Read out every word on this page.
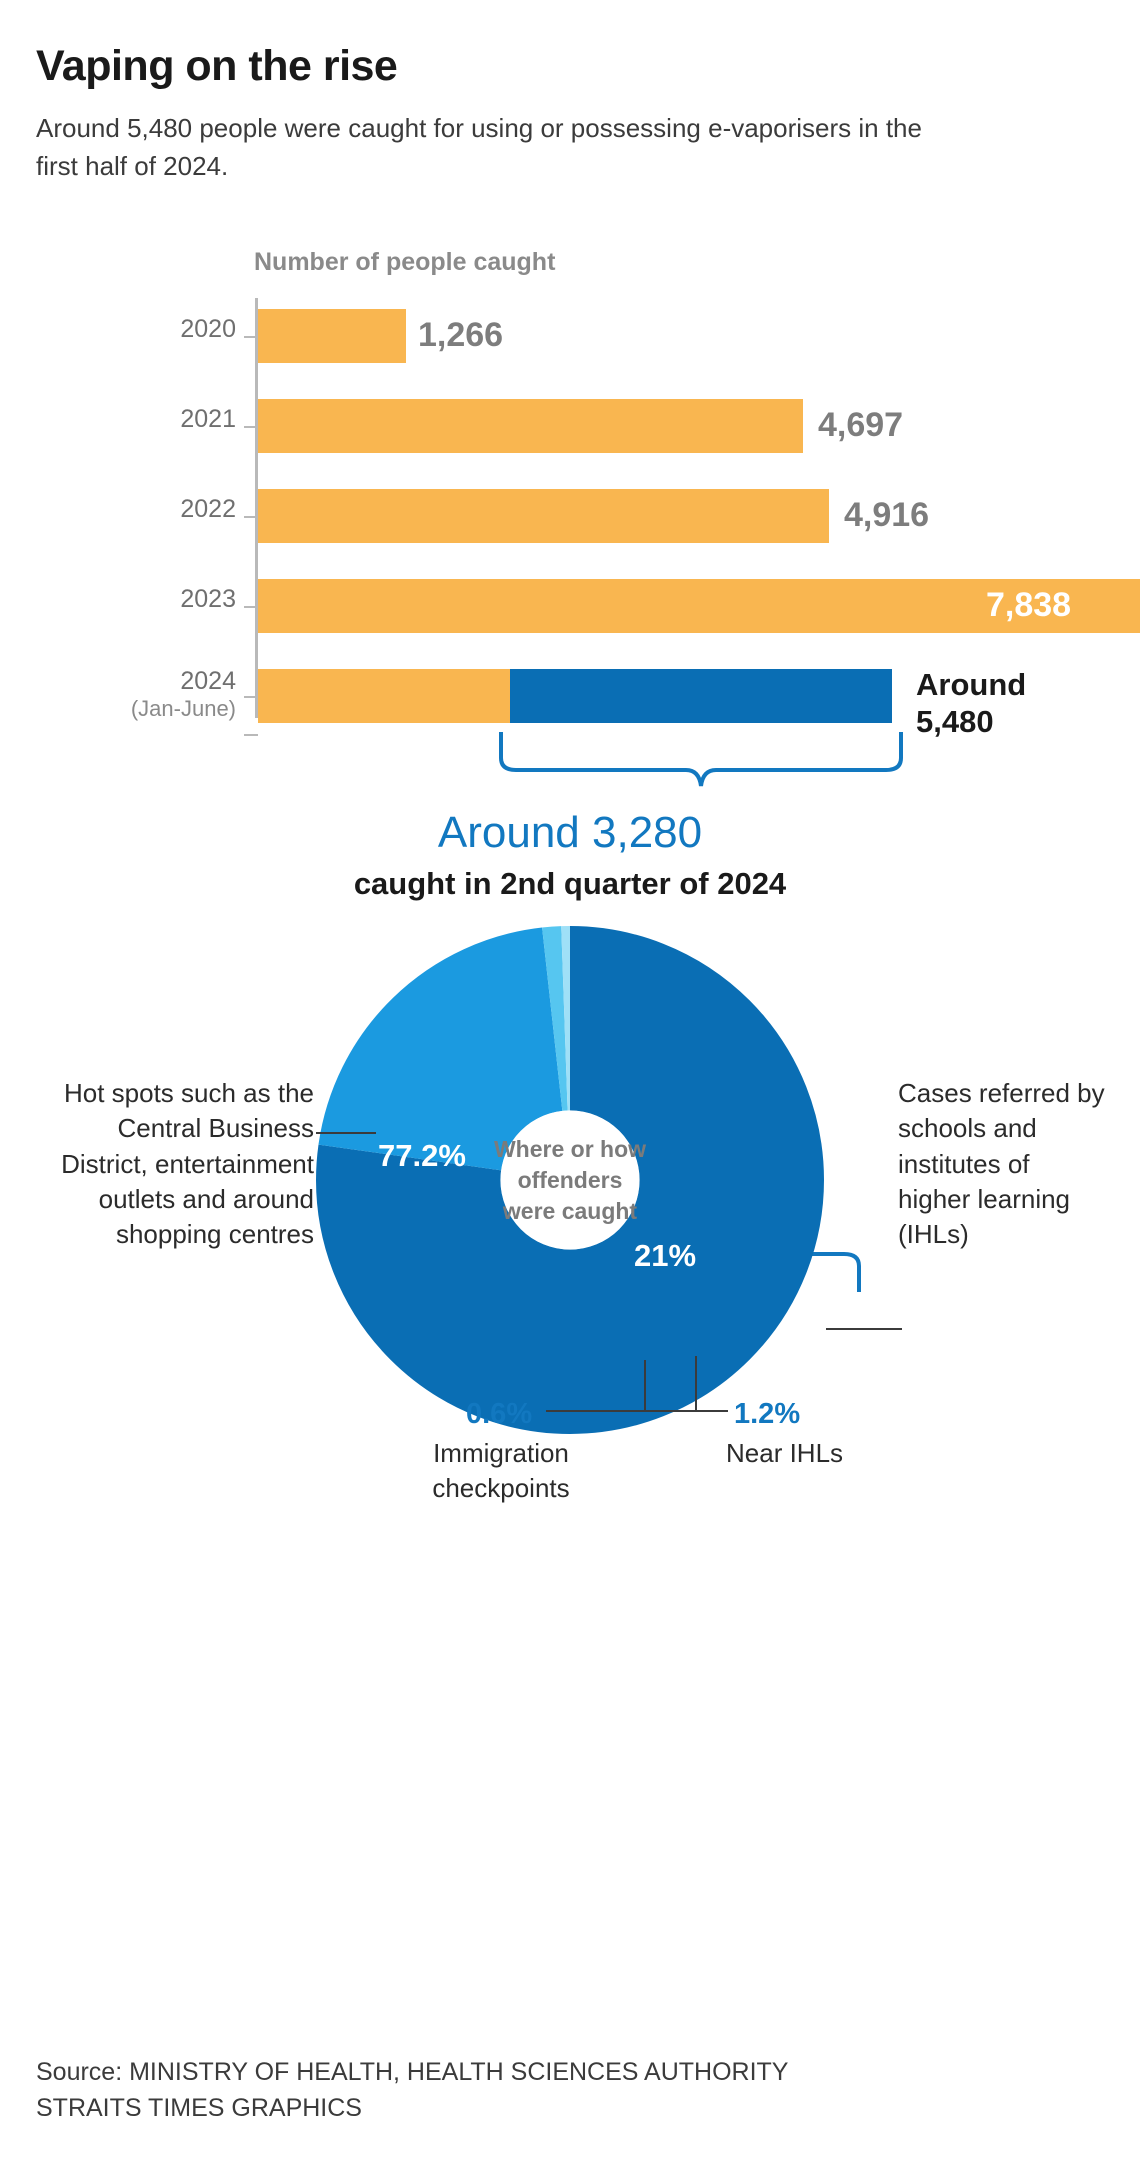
Vaping on the rise

Around 5,480 people were caught for using or possessing e-vaporisers in the first half of 2024.

Number of people caught
2020	1,266
2021	4,697
2022	4,916
2023	7,838
2024
(Jan-June)
Around
5,480
Around 3,280
caught in 2nd quarter of 2024
Where or how
offenders
were caught
77.2%
21%
Hot spots such as the Central Business District, entertainment outlets and around shopping centres
Cases referred by schools and institutes of higher learning (IHLs)
0.6%
Immigration checkpoints
1.2%
Near IHLs
Source: MINISTRY OF HEALTH, HEALTH SCIENCES AUTHORITY
STRAITS TIMES GRAPHICS
